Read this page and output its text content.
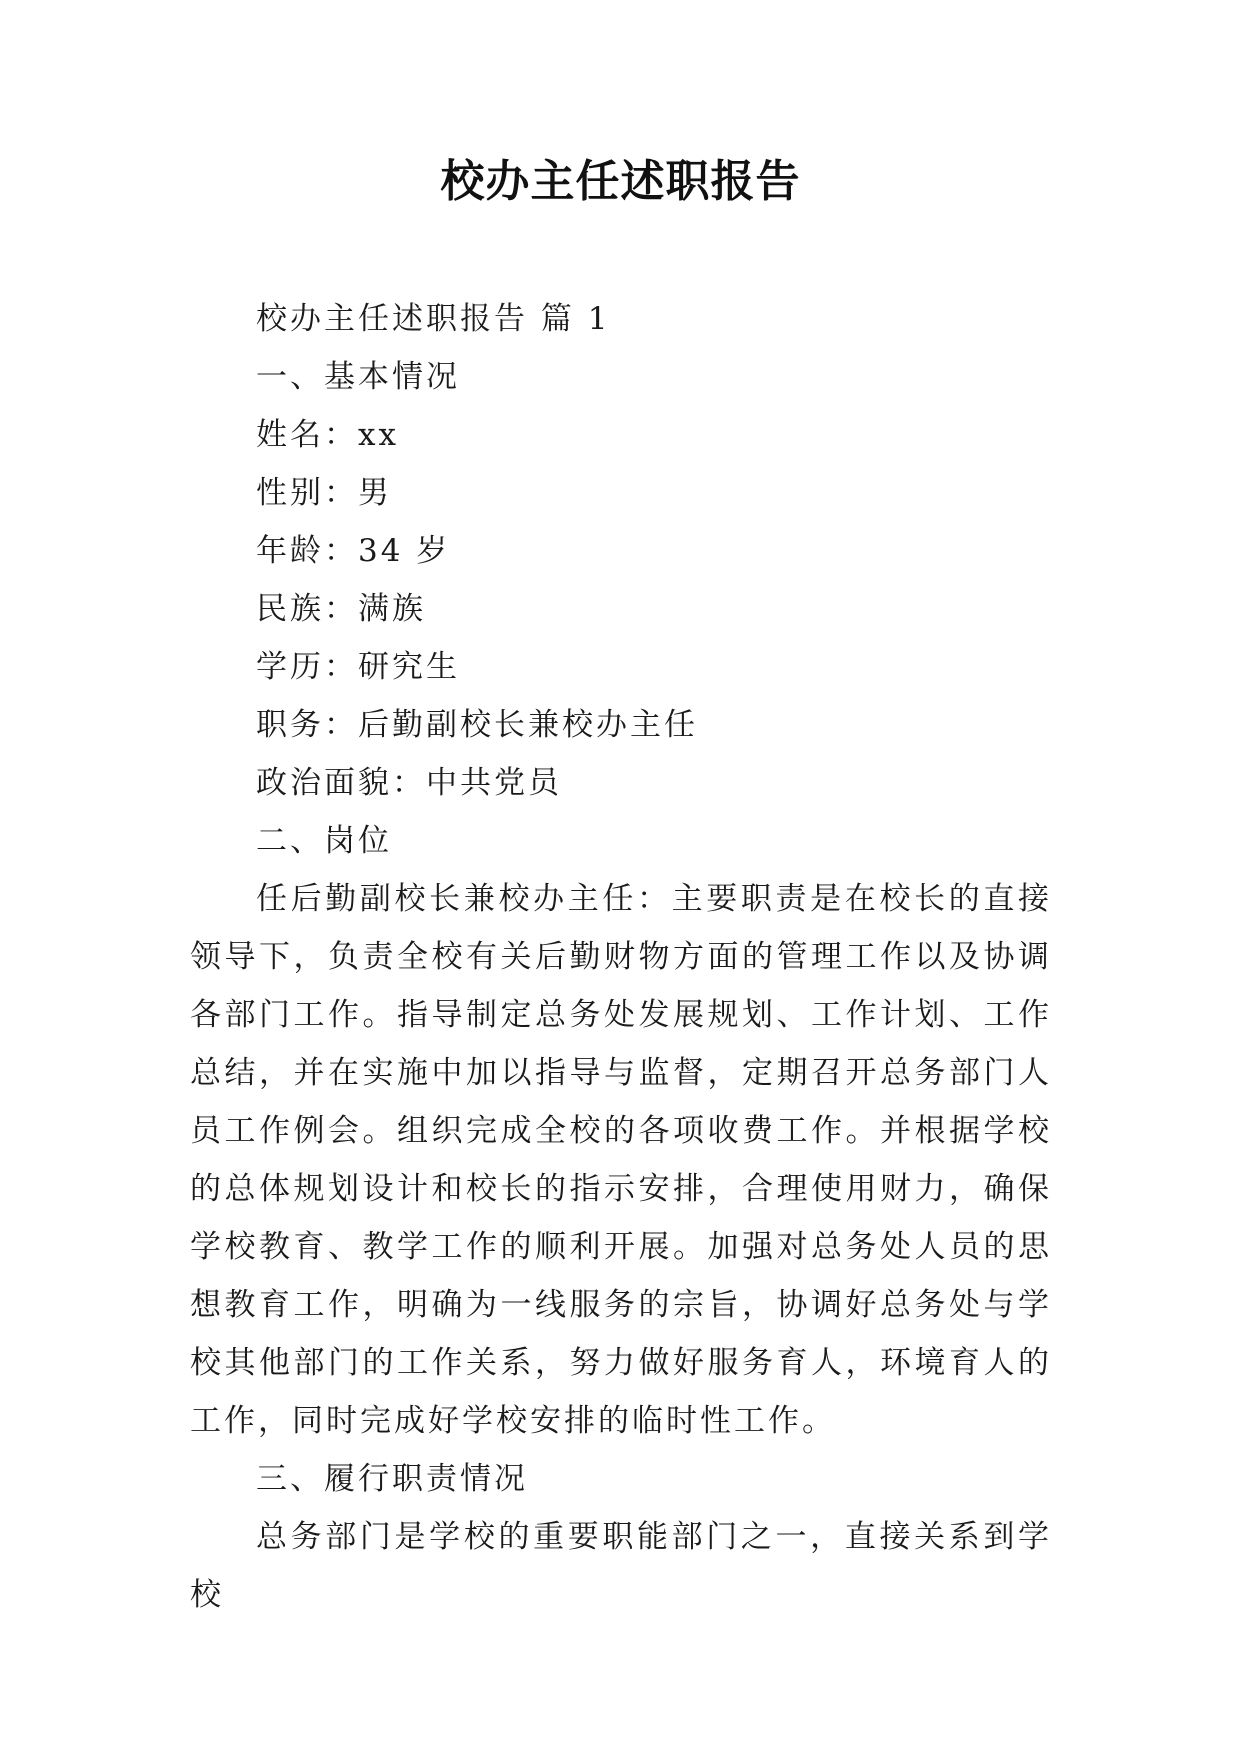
校办主任述职报告

校办主任述职报告 篇 1

一、基本情况

姓名：xx

性别：男

年龄：34 岁

民族：满族

学历：研究生

职务：后勤副校长兼校办主任

政治面貌：中共党员

二、岗位

任后勤副校长兼校办主任：主要职责是在校长的直接领导下，负责全校有关后勤财物方面的管理工作以及协调各部门工作。指导制定总务处发展规划、工作计划、工作总结，并在实施中加以指导与监督，定期召开总务部门人员工作例会。组织完成全校的各项收费工作。并根据学校的总体规划设计和校长的指示安排，合理使用财力，确保学校教育、教学工作的顺利开展。加强对总务处人员的思想教育工作，明确为一线服务的宗旨，协调好总务处与学校其他部门的工作关系，努力做好服务育人，环境育人的工作，同时完成好学校安排的临时性工作。

三、履行职责情况

总务部门是学校的重要职能部门之一，直接关系到学校
